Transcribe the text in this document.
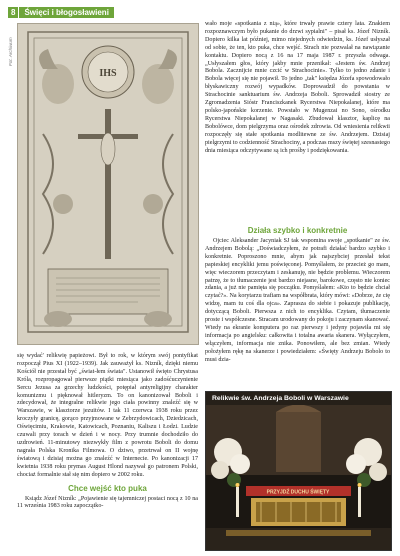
8	Święci i błogosławieni
Fot. Archiwum
IHS

się wydać' relikwię papieżowi. Był to rok, w którym swój pontyfikat rozpoczął Pius XI (1922–1939). Jak zauważył ks. Nizník, dzięki niemu Kościół nie przestał być „świat-łem świata". Ustanowił święto Chrystusa Króla, rozpropagował pierwsze piątki miesiąca jako zadośćuczynienie Sercu Jezusa za grzechy ludzkości, potępiał antyreligijny charakter komunizmu i pięknował hitleryzm. To on kanonizował Boboli i zdecydował, że integralne relikwie jego ciała powinny znaleźć się w Warszawie, w klasztorze jezuitów. I tak 11 czerwca 1938 roku przez kroczyły granicę, gorąco przyjmowane w Zebrzydowicach, Dziedzicach, Oświęcimiu, Krakowie, Katowicach, Poznaniu, Kaliszu i Łodzi. Ludzie czuwali przy torach w dzień i w nocy. Przy trumnie dochodziło do uzdrowień. 11-minutowy niezwykły film z powrotu Boboli do domu nagrała Polska Kronika Filmowa. O dziwo, przetrwał on II wojnę światową i dzisiaj można go znaleźć w Internecie. Po kanonizacji 17 kwietnia 1938 roku prymas August Hlond nazywał go patronem Polski, chociaż formalnie stał się nim dopiero w 2002 roku.

Chce wejść kto puka

Ksiądz Józef Nizník: „Pojawienie się tajemniczej postaci nocą z 10 na 11 września 1983 roku zapoczątko-

wało moje «spotkania z nią», które trwały prawie cztery lata. Znakiem rozpoznawczym było pukanie do drzwi sypialni" – pisał ks. Józef Nizník. Dopiero kilka lat później, mimo niejednych odwiedzin, ks. Józef usłyszał od sobie, że ten, kto puka, chce wejść. Strach nie pozwalał na nawiązanie kontaktu. Dopiero nocą z 16 na 17 maja 1987 r. przyszła odwaga. „Usłyszałem głos, który jakby mnie przenikał: «Jestem św. Andrzej Bobola. Zacznijcie mnie czcić w Strachocinie». Tylko to jedno zdanie i Bobola więcej się nie pojawił. To jedno „tak" księdza Józefa spowodowało błyskawiczny rozwój wypadków. Doprowadził do powstania w Strachocinie sanktuarium św. Andrzeja Boboli. Sprowadził siostry ze Zgromadzenia Sióstr Franciszkanek Rycerstwa Niepokalanej, które ma polsko-japońskie korzenie. Powstało w Mugenzai no Sono, ośrodku Rycerstwa Niepokalanej w Nagasaki. Zbudował klasztor, kaplicę na Bobolówce, dom pielgrzyma oraz ośrodek zdrowia. Od wniesienia relikwii rozpoczęły się stałe spotkania modlitewne ze św. Andrzejem. Dzisiaj pielgrzymi to codzienność Strachociny, a podczas mszy świętej szesnastego dnia miesiąca odczytywane są ich prośby i podziękowania.

Działa szybko i konkretnie

Ojciec Aleksander Jacyniak SJ tak wspomina swoje „spotkanie" ze św. Andrzejem Bobolą: „Doświadczyłem, że potrafi działać bardzo szybko i konkretnie. Poproszono mnie, abym jak najszybciej przesłał tekst papieskiej encykliki jemu poświęconej. Pomyślałem, że przecież go mam, więc wieczorem przeczytam i zeskanuję, nie będzie problemu. Wieczorem patrzę, że to tłumaczenie jest bardzo niejasne, barokowe, często nie koniec zdania, a już nie pamięta się początku. Pomyślałem: «Kto to będzie chciał czytać?». Na korytarzu trafiam na współbrata, który mówi: «Dobrze, że cię widzę, mam tu coś dla ojca». Zaprasza do siebie i pokazuje publikację, dotyczącą Boboli. Pierwsza z nich to encyklika. Czytam, tłumaczenie proste i współczesne. Stracam urodowany do pokoju i zaczynam skanować. Wtedy na ekranie komputera po raz pierwszy i jedyny pojawiła mi się informacja po angielsku: całkowita i totalna awaria skanera. Wyłączyłem, włączyłem, informacja nie znika. Ponowiłem, ale bez zmian. Wtedy położyłem rękę na skanerze i powiedziałem: «Święty Andrzeju Bobolo to musi dzia-

Relikwie św. Andrzeja Boboli w Warszawie
PRZYJDŹ DUCHU ŚWIĘTY
